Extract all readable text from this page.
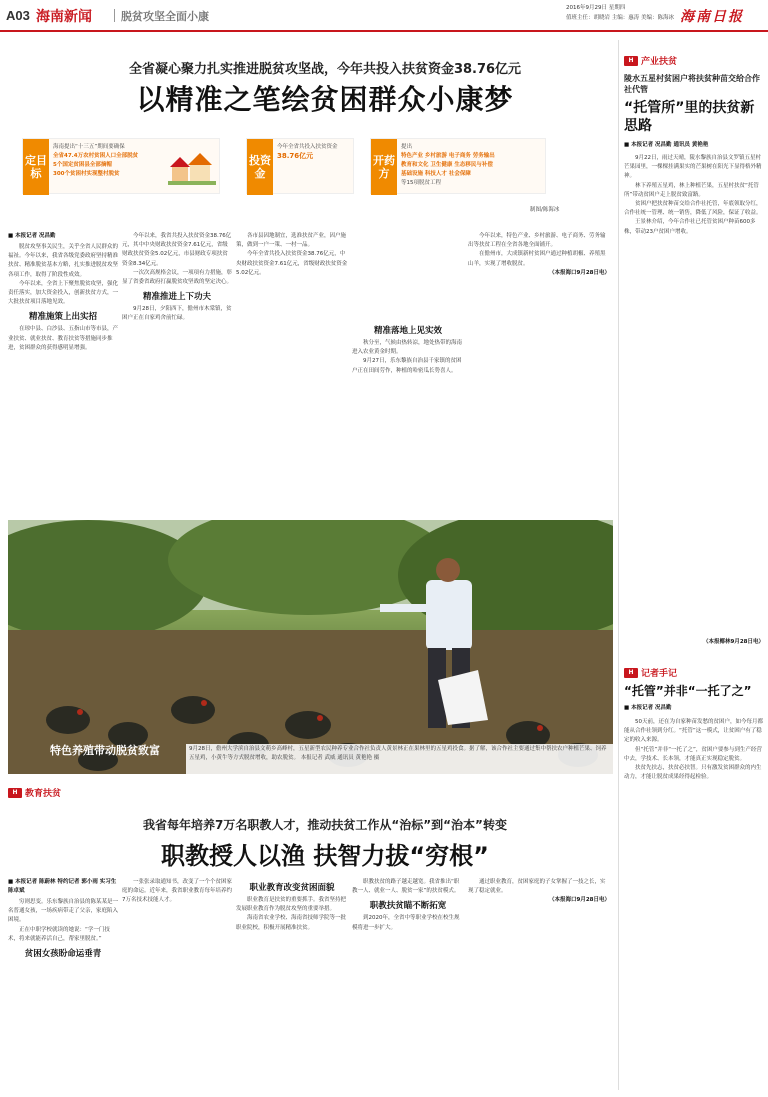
A03 海南新闻	脱贫攻坚全面小康
2016年9月29日 星期四
值班主任：胡晓岩 主编：惠涛 美编：陈海冰 海南日报
全省凝心聚力扎实推进脱贫攻坚战，今年共投入扶贫资金38.76亿元
以精准之笔绘贫困群众小康梦
定目标
海南提出“十三五”期间要确保
全省47.4万农村贫困人口全部脱贫
5个国定贫困县全部摘帽
300个贫困村实现整村脱贫
投资金
今年全省共投入扶贫资金
38.76亿元	开药方
提出
特色产业 乡村旅游 电子商务 劳务输出
教育和文化 卫生健康 生态移民与补偿
基础设施 科技人才 社会保障
等15项脱贫工程
制图/陈海冰
■ 本报记者 况昌勤

脱贫攻坚事关民生，关乎全省人民群众的福祉。今年以来，我省各级党委政府坚持精准扶贫、精准脱贫基本方略，扎实推进脱贫攻坚各项工作，取得了阶段性成效。

今年以来，全省上下聚焦脱贫攻坚，强化责任落实，加大资金投入，创新扶贫方式，一大批扶贫项目落地见效。

精准施策上出实招

在琼中县、白沙县、五指山市等市县，产业扶贫、就业扶贫、教育扶贫等措施同步推进，贫困群众的获得感明显增强。

今年以来，我省共投入扶贫资金38.76亿元，其中中央财政扶贫资金7.61亿元，省级财政扶贫资金5.02亿元，市县财政专项扶贫资金8.34亿元。

一次次高规格会议，一项项有力措施，彰显了省委省政府打赢脱贫攻坚战的坚定决心。

精准推进上下功夫

9月28日，夕阳西下，儋州市木棠镇，贫困户正在自家鸡舍前忙碌。

各市县因地制宜，选准扶贫产业，因户施策，做到一户一策、一村一品。

今年全省共投入扶贫资金38.76亿元，中央财政扶贫资金7.61亿元，省级财政扶贫资金5.02亿元。

精准落地上见实效

秋分至，气候由热转凉，地处热带的海南进入农业黄金时期。

9月27日，乐东黎族自治县千家镇的贫困户正在田间劳作，种植的哈密瓜长势喜人。

今年以来，特色产业、乡村旅游、电子商务、劳务输出等扶贫工程在全省各地全面铺开。

在儋州市，大成镇新村贫困户通过种植胡椒、养殖黑山羊，实现了增收脱贫。

（本报海口9月28日电）
特色养殖带动脱贫致富	9月28日，儋州大学滨自治县文萌乡高峰村，五星新型农民种养专业合作社负责人黄景林正在果林里的五星鸡投食。据了解，该合作社主要通过集中帮扶农户种植芒果、饲养五星鸡，小黄牛等方式脱贫增收，助农脱贫。 本报记者 武威 通讯员 黄艳艳 摄
H 产业扶贫
陵水五星村贫困户将扶贫种苗交给合作社代管
“托管所”里的扶贫新思路
■ 本报记者 况昌勤 通讯员 黄艳艳

9月22日，雨过天晴，陵水黎族自治县文罗镇五星村芒果园里，一棵棵挂满果实的芒果树在阳光下显得格外精神。

林下养殖五星鸡，林上种植芒果，五星村扶贫“托管所”带动贫困户走上脱贫致富路。

贫困户把扶贫种苗交给合作社托管，年底领取分红，合作社统一管理、统一销售，降低了风险，保证了收益。

王景林介绍，今年合作社已托管贫困户种苗600多株，带动23户贫困户增收。

（本报椰林9月28日电）
H 记者手记
“托管”并非“一托了之”
■ 本报记者 况昌勤

50天前，还在为自家种苗发愁的贫困户，如今每月都能从合作社领到分红。“托管”这一模式，让贫困户有了稳定的收入来源。

但“托管”并非“一托了之”，贫困户要参与到生产经营中去，学技术、长本领，才能真正实现稳定脱贫。

扶贫先扶志，扶贫必扶智。只有激发贫困群众的内生动力，才能让脱贫成果经得起检验。

H 教育扶贫
我省每年培养7万名职教人才，推动扶贫工作从“治标”到“治本”转变
职教授人以渔 扶智力拔“穷根”
■ 本报记者 陈蔚林 特约记者 郭小雨 实习生 陈卓斌

穷则思变。乐东黎族自治县的陈某某是一名普通女孩，一场疾病带走了父亲，家庭陷入困境。

正在中职学校就读的她说：“学一门技术，将来就能养活自己，帮家里脱贫。”

贫困女孩盼命运垂青

一张张录取通知书，改变了一个个贫困家庭的命运。近年来，我省职业教育每年培养约7万名技术技能人才。

职业教育改变贫困面貌

职业教育是扶贫的重要抓手。我省坚持把发展职业教育作为脱贫攻坚的重要举措。

海南省农业学校、海南省技师学院等一批职业院校，积极开展精准扶贫。

职教扶贫的路子越走越宽。我省推出“职教一人、就业一人、脱贫一家”的扶贫模式。

职教扶贫瞄不断拓宽

到2020年，全省中等职业学校在校生规模将进一步扩大。

通过职业教育，贫困家庭的子女掌握了一技之长，实现了稳定就业。

（本报海口9月28日电）
